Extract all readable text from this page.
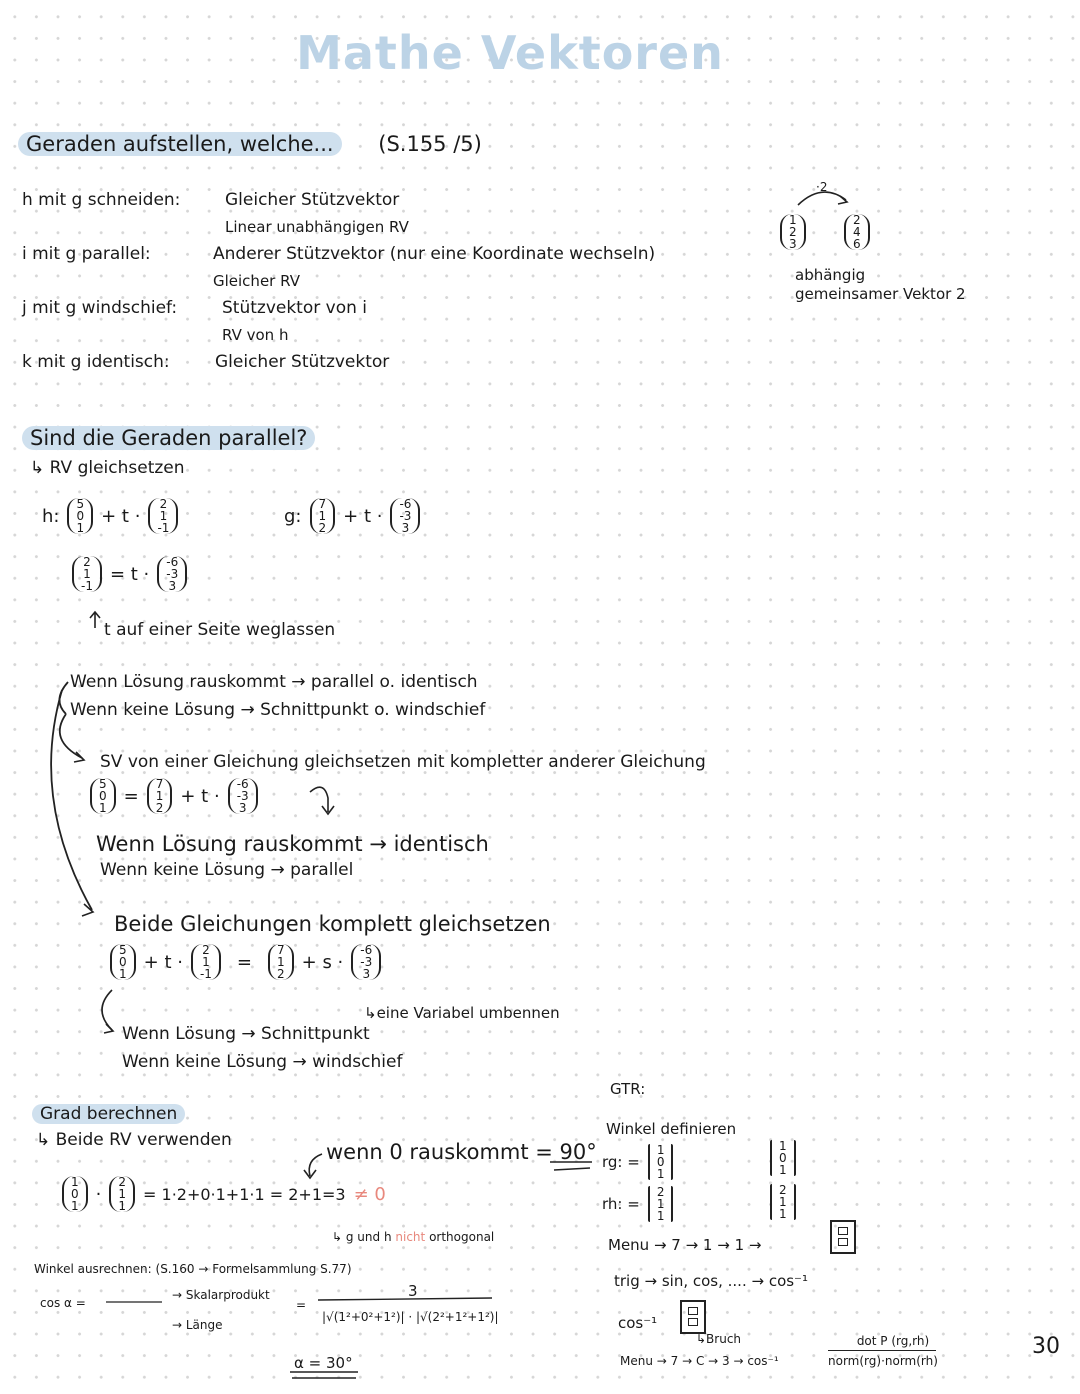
Mathe Vektoren
Geraden aufstellen, welche... (S.155 /5)
h mit g schneiden:	Gleicher Stützvektor
Linear unabhängigen RV
i mit g parallel:	Anderer Stützvektor (nur eine Koordinate wechseln)
Gleicher RV
j mit g windschief:	Stützvektor von i
RV von h
k mit g identisch:	Gleicher Stützvektor
·2
1
2
3
2
4
6
abhängig
gemeinsamer Vektor 2
Sind die Geraden parallel?
↳ RV gleichsetzen
h:
5
0
1
+ t ·
2
1
-1
g:
7
1
2
+ t ·
-6
-3
3
2
1
-1
= t ·
-6
-3
3
t auf einer Seite weglassen
Wenn Lösung rauskommt → parallel o. identisch
Wenn keine Lösung → Schnittpunkt o. windschief
SV von einer Gleichung gleichsetzen mit kompletter anderer Gleichung
5
0
1
=
7
1
2
+ t ·
-6
-3
3
Wenn Lösung rauskommt → identisch
Wenn keine Lösung → parallel
Beide Gleichungen komplett gleichsetzen
5
0
1
+ t ·
2
1
-1
=
7
1
2
+ s ·
-6
-3
3
↳eine Variabel umbennen
Wenn Lösung → Schnittpunkt
Wenn keine Lösung → windschief
Grad berechnen
↳ Beide RV verwenden	wenn 0 rauskommt = 90°
1
0
1
·
2
1
1
= 1·2+0·1+1·1 = 2+1=3 ≠ 0
↳ g und h nicht orthogonal
Winkel ausrechnen: (S.160 → Formelsammlung S.77)
cos α =
→ Skalarprodukt
→ Länge
=
3
|√(1²+0²+1²)| · |√(2²+1²+1²)|
α = 30°
GTR:
Winkel definieren
rg: =
1
0
1
1
0
1
rh: =
2
1
1
2
1
1
Menu → 7 → 1 → 1 →
trig → sin, cos, .... → cos⁻¹
cos⁻¹
↳Bruch
Menu → 7 → C → 3 → cos⁻¹
dot P (rg,rh)
norm(rg)·norm(rh)
30
